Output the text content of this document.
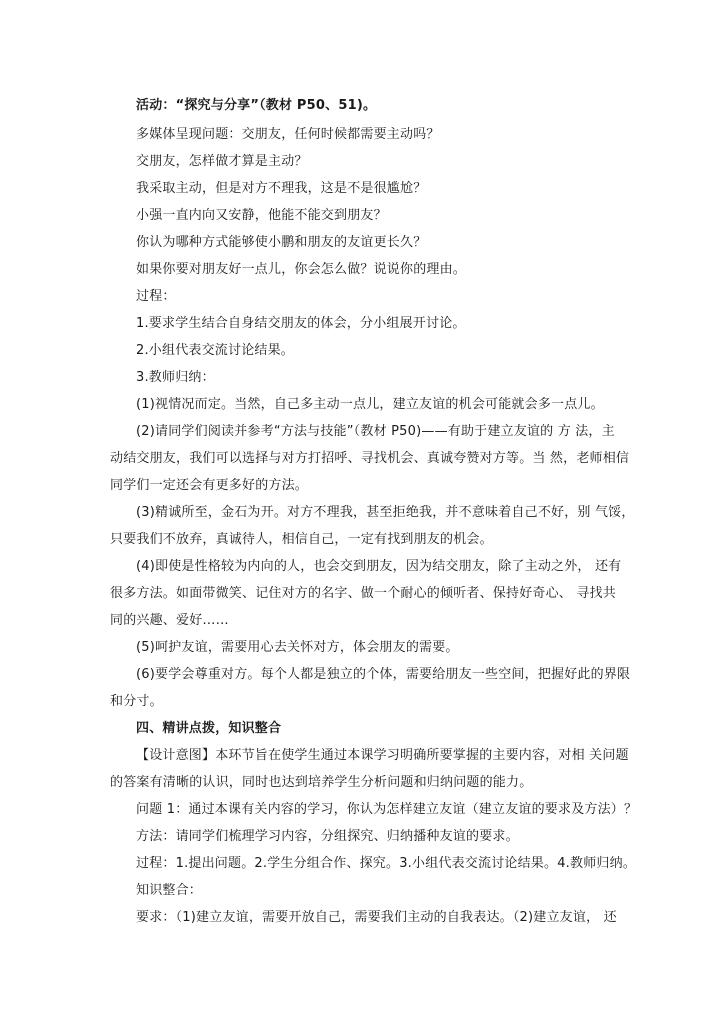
活动：“探究与分享”（教材 P50、51)。
多媒体呈现问题：交朋友，任何时候都需要主动吗？
交朋友，怎样做才算是主动？
我采取主动，但是对方不理我，这是不是很尴尬？
小强一直内向又安静，他能不能交到朋友？
你认为哪种方式能够使小鹏和朋友的友谊更长久？
如果你要对朋友好一点儿，你会怎么做？说说你的理由。
过程：
1.要求学生结合自身结交朋友的体会，分小组展开讨论。
2.小组代表交流讨论结果。
3.教师归纳：
(1)视情况而定。当然，自己多主动一点儿，建立友谊的机会可能就会多一点儿。
(2)请同学们阅读并参考“方法与技能”（教材 P50)——有助于建立友谊的 方 法，主
动结交朋友，我们可以选择与对方打招呼、寻找机会、真诚夸赞对方等。当 然，老师相信
同学们一定还会有更多好的方法。
(3)精诚所至，金石为开。对方不理我，甚至拒绝我，并不意味着自己不好，别 气馁，
只要我们不放弃，真诚待人，相信自己，一定有找到朋友的机会。
(4)即使是性格较为内向的人，也会交到朋友，因为结交朋友，除了主动之外， 还有
很多方法。如面带微笑、记住对方的名字、做一个耐心的倾听者、保持好奇心、 寻找共
同的兴趣、爱好……
(5)呵护友谊，需要用心去关怀对方，体会朋友的需要。
(6)要学会尊重对方。每个人都是独立的个体，需要给朋友一些空间，把握好此的界限
和分寸。
四、精讲点拨，知识整合
【设计意图】本环节旨在使学生通过本课学习明确所要掌握的主要内容，对相 关问题
的答案有清晰的认识，同时也达到培养学生分析问题和归纳问题的能力。
问题 1：通过本课有关内容的学习，你认为怎样建立友谊（建立友谊的要求及方法）？
方法：请同学们梳理学习内容，分组探究、归纳播种友谊的要求。
过程：1.提出问题。2.学生分组合作、探究。3.小组代表交流讨论结果。4.教师归纳。
知识整合：
要求：（1)建立友谊，需要开放自己，需要我们主动的自我表达。（2)建立友谊， 还
